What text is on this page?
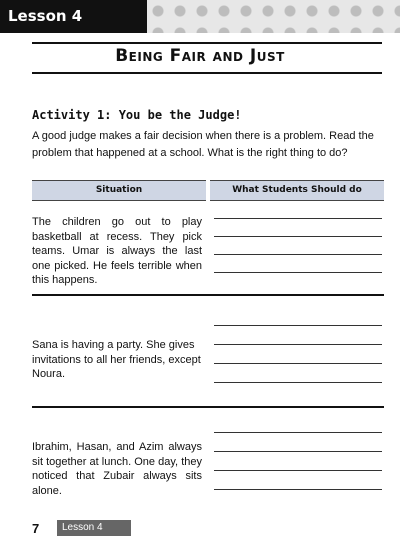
Lesson 4
Being Fair and Just
Activity 1: You be the Judge!
A good judge makes a fair decision when there is a problem. Read the problem that happened at a school. What is the right thing to do?
Situation	What Students Should do
The children go out to play basketball at recess. They pick teams. Umar is always the last one picked. He feels terrible when this happens.
Sana is having a party. She gives invitations to all her friends, except Noura.
Ibrahim, Hasan, and Azim always sit together at lunch. One day, they noticed that Zubair always sits alone.
7	Lesson 4
